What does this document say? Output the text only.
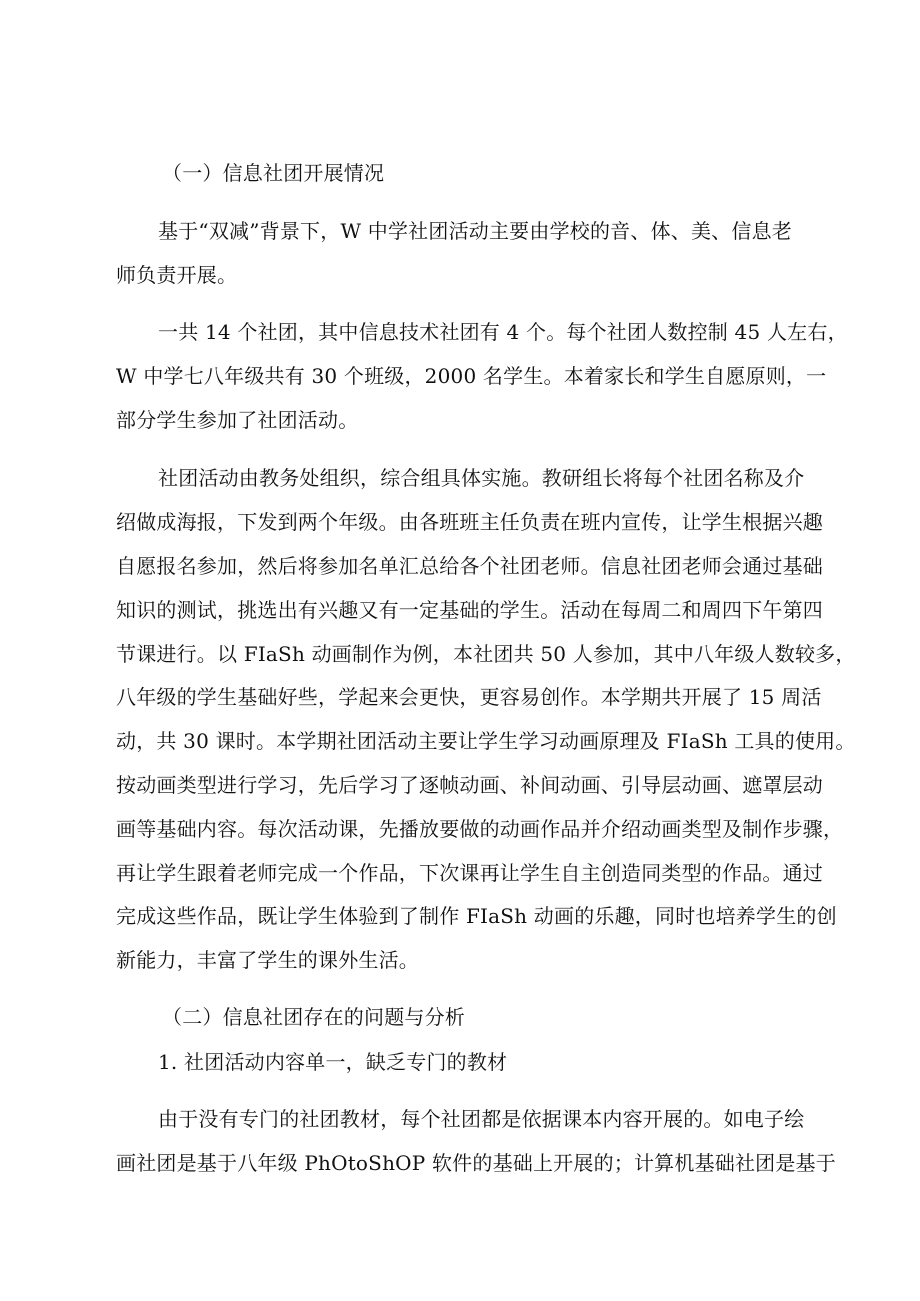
（一）信息社团开展情况
基于“双减”背景下，W 中学社团活动主要由学校的音、体、美、信息老
师负责开展。
一共 14 个社团，其中信息技术社团有 4 个。每个社团人数控制 45 人左右，
W 中学七八年级共有 30 个班级，2000 名学生。本着家长和学生自愿原则，一
部分学生参加了社团活动。
社团活动由教务处组织，综合组具体实施。教研组长将每个社团名称及介
绍做成海报，下发到两个年级。由各班班主任负责在班内宣传，让学生根据兴趣
自愿报名参加，然后将参加名单汇总给各个社团老师。信息社团老师会通过基础
知识的测试，挑选出有兴趣又有一定基础的学生。活动在每周二和周四下午第四
节课进行。以 FIaSh 动画制作为例，本社团共 50 人参加，其中八年级人数较多，
八年级的学生基础好些，学起来会更快，更容易创作。本学期共开展了 15 周活
动，共 30 课时。本学期社团活动主要让学生学习动画原理及 FIaSh 工具的使用。
按动画类型进行学习，先后学习了逐帧动画、补间动画、引导层动画、遮罩层动
画等基础内容。每次活动课，先播放要做的动画作品并介绍动画类型及制作步骤，
再让学生跟着老师完成一个作品，下次课再让学生自主创造同类型的作品。通过
完成这些作品，既让学生体验到了制作 FIaSh 动画的乐趣，同时也培养学生的创
新能力，丰富了学生的课外生活。
（二）信息社团存在的问题与分析
1. 社团活动内容单一，缺乏专门的教材
由于没有专门的社团教材，每个社团都是依据课本内容开展的。如电子绘
画社团是基于八年级 PhOtoShOP 软件的基础上开展的；计算机基础社团是基于
